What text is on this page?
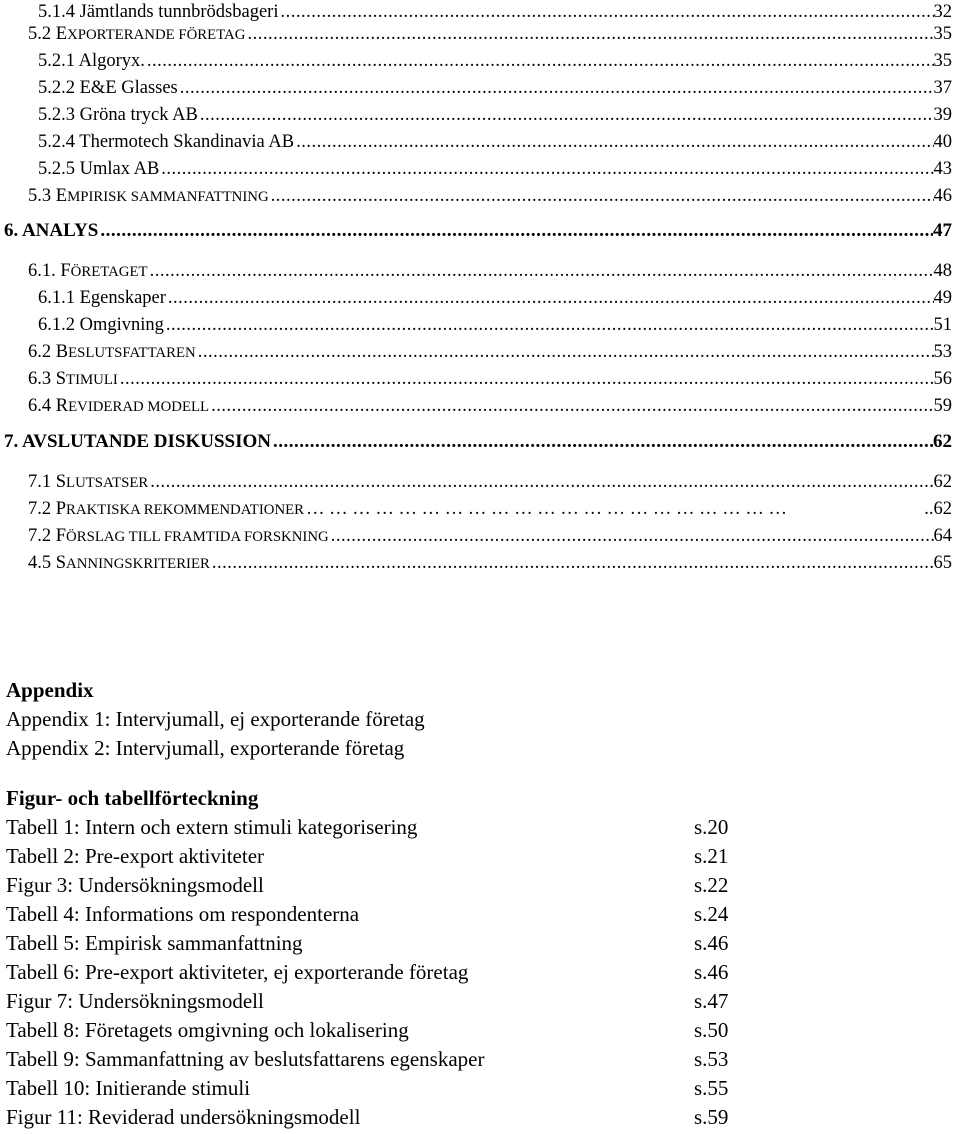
5.1.4 Jämtlands tunnbrödsbageri .....	32
5.2 EXPORTERANDE FÖRETAG .....	35
5.2.1 Algoryx. .....	35
5.2.2 E&E Glasses .....	37
5.2.3 Gröna tryck AB .....	39
5.2.4 Thermotech Skandinavia AB .....	40
5.2.5 Umlax AB .....	43
5.3 EMPIRISK SAMMANFATTNING .....	46
6. ANALYS .....	47
6.1. FÖRETAGET .....	48
6.1.1 Egenskaper .....	49
6.1.2 Omgivning .....	51
6.2 BESLUTSFATTAREN .....	53
6.3 STIMULI .....	56
6.4 REVIDERAD MODELL .....	59
7. AVSLUTANDE DISKUSSION .....	62
7.1 SLUTSATSER .....	62
7.2 PRAKTISKA REKOMMENDATIONER … … … … … … … … … … … … … … … … … … … … …	..62
7.2 FÖRSLAG TILL FRAMTIDA FORSKNING .....	64
4.5 SANNINGSKRITERIER .....	65
Appendix
Appendix 1: Intervjumall, ej exporterande företag
Appendix 2: Intervjumall, exporterande företag
Figur- och tabellförteckning
Tabell 1: Intern och extern stimuli kategorisering	s.20
Tabell 2: Pre-export aktiviteter	s.21
Figur 3: Undersökningsmodell	s.22
Tabell 4: Informations om respondenterna	s.24
Tabell 5: Empirisk sammanfattning	s.46
Tabell 6: Pre-export aktiviteter, ej exporterande företag	s.46
Figur 7: Undersökningsmodell	s.47
Tabell 8: Företagets omgivning och lokalisering	s.50
Tabell 9: Sammanfattning av beslutsfattarens egenskaper	s.53
Tabell 10: Initierande stimuli	s.55
Figur 11: Reviderad undersökningsmodell	s.59
